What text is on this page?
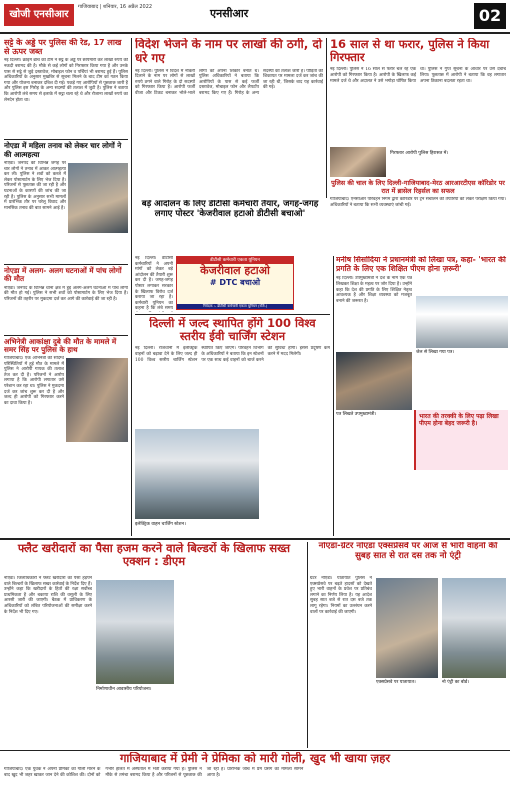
खोजी एनसीआर
गाजियाबाद | शनिवार, 16 अप्रैल 2022	एनसीआर	02
सट्टे के अड्डे पर पुलिस की रेड, 17 लाख से ऊपर जब्त
नई दिल्ली। क्राइम ब्रांच की टीम ने सट्टे के अड्डे पर छापेमारी कर लाखों रुपये की नकदी बरामद की है। मौके से कई लोगों को गिरफ्तार किया गया है और उनके पास से सट्टे से जुड़े दस्तावेज, मोबाइल फोन व पर्चियां भी बरामद हुई हैं। पुलिस अधिकारियों के अनुसार मुखबिर से सूचना मिलने के बाद टीम का गठन किया गया और योजना बनाकर दबिश दी गई। पकड़े गए आरोपियों से पूछताछ जारी है और पुलिस इस गिरोह के अन्य सदस्यों की तलाश में जुटी है। पुलिस ने बताया कि आरोपी लंबे समय से इलाके में सट्टा चला रहे थे और रोजाना लाखों रुपये का लेनदेन होता था।
नोएडा में महिला तनाव को लेकर चार लोगों ने की आत्महत्या
नोएडा। जनपद की विभिन्न जगह पर चार लोगों ने तनाव में आकर आत्महत्या कर ली। पुलिस ने शवों को कब्जे में लेकर पोस्टमार्टम के लिए भेज दिया है। परिजनों से पूछताछ की जा रही है और घटनाओं के कारणों की जांच की जा रही है। पुलिस के अनुसार सभी मामलों में प्रारंभिक तौर पर घरेलू विवाद और मानसिक तनाव की बात सामने आई है।
नोएडा में अलग- अलग घटनाओं में पांच लोगों की मौत
नोएडा। जनपद के विभिन्न थाना क्षेत्र में हुई अलग-अलग घटनाओं में पांच लोगों की मौत हो गई। पुलिस ने सभी शवों को पोस्टमार्टम के लिए भेज दिया है। परिजनों की तहरीर पर मुकदमा दर्ज कर आगे की कार्रवाई की जा रही है।
अभिनेत्री आकांक्षा दुबे की मौत के मामले में समर सिंह पर पुलिस के हाथ
गाजियाबाद। एक अभिनेत्री की संदिग्ध परिस्थितियों में हुई मौत के मामले में पुलिस ने आरोपी गायक की तलाश तेज कर दी है। परिजनों ने आरोप लगाया है कि आरोपी लगातार उसे परेशान कर रहा था। पुलिस ने मुकदमा दर्ज कर जांच शुरू कर दी है और जल्द ही आरोपी को गिरफ्तार करने का दावा किया है।
विदेश भेजने के नाम पर लाखों की ठगी, दो धरे गए
नई दिल्ली। पुलिस ने विदेश में नौकरी दिलाने के नाम पर लोगों से लाखों रुपये ठगने वाले गिरोह के दो सदस्यों को गिरफ्तार किया है। आरोपी फर्जी वीजा और टिकट बनाकर भोले-भाले लोगों को अपना शिकार बनाते थे। पुलिस अधिकारियों ने बताया कि आरोपियों के पास से कई फर्जी दस्तावेज, मोबाइल फोन और लैपटॉप बरामद किए गए हैं। गिरोह के अन्य सदस्यों की तलाश जारी है। पीड़ितों की शिकायत पर मामला दर्ज कर जांच की जा रही थी, जिसके बाद यह कार्रवाई की गई।
16 साल से था फरार, पुलिस ने किया गिरफ्तार
नई दिल्ली। पुलिस ने 16 साल से फरार चल रहे एक आरोपी को गिरफ्तार किया है। आरोपी के खिलाफ कई मामले दर्ज थे और अदालत ने उसे भगोड़ा घोषित किया था। पुलिस ने गुप्त सूचना के आधार पर उसे दबोच लिया। पूछताछ में आरोपी ने बताया कि वह लगातार अपना ठिकाना बदलता रहता था।
गिरफ्तार आरोपी पुलिस हिरासत में।
पुलिस की चाल के लिए दिल्ली-गाजियाबाद-मेरठ आरआरटीएस कॉरिडोर पर रात में ब्रासेल रिहर्सल का सफल
गाजियाबाद। एनसीआर परिवहन निगम द्वारा कॉरिडोर पर ट्रेन संचालन की तैयारियों को लेकर परीक्षण किया गया। अधिकारियों ने बताया कि सभी व्यवस्थाएं जांची गईं।
बड़े आंदोलन के लिए डीटीसी कर्मचारी तैयार, जगह-जगह लगाए पोस्टर 'केजरीवाल हटाओ डीटीसी बचाओ'
नई दिल्ली। डीटीसी कर्मचारियों ने अपनी मांगों को लेकर बड़े आंदोलन की तैयारी शुरू कर दी है। जगह-जगह पोस्टर लगाकर सरकार के खिलाफ विरोध दर्ज कराया जा रहा है। कर्मचारी यूनियन का कहना है कि लंबे समय
डीटीसी कर्मचारी एकता यूनियन
केजरीवाल हटाओ
# DTC बचाओ
निवेदक :- डीटीसी कर्मचारी एकता यूनियन (रजि.)
दिल्ली में जल्द स्थापित होंगे 100 विश्व स्तरीय ईवी चार्जिंग स्टेशन
नई दिल्ली। राजधानी में इलेक्ट्रिक वाहनों को बढ़ावा देने के लिए जल्द ही 100 विश्व स्तरीय चार्जिंग स्टेशन स्थापित किए जाएंगे। परिवहन विभाग के अधिकारियों ने बताया कि इन स्टेशनों पर एक साथ कई वाहनों को चार्ज करने की सुविधा होगी। इससे प्रदूषण कम करने में मदद मिलेगी।
इलेक्ट्रिक वाहन चार्जिंग स्टेशन।
मनीष सिसोदिया ने प्रधानमंत्री को लिखा पत्र, कहा- 'भारत की प्रगति के लिए एक शिक्षित पीएम होना ज़रूरी'
नई दिल्ली। उपमुख्यमंत्री ने देश के नाम एक पत्र लिखकर शिक्षा के महत्व पर जोर दिया है। उन्होंने कहा कि देश की प्रगति के लिए शिक्षित नेतृत्व आवश्यक है और शिक्षा व्यवस्था को मजबूत बनाने की जरूरत है।
पत्र लिखते उपमुख्यमंत्री।
जेल से लिखा गया पत्र।
भारत की तरक्की के लिए पढ़ा लिखा पीएम होना बेहद जरूरी है।
फ्लैट खरीदारों का पैसा हजम करने वाले बिल्डरों के खिलाफ सख्त एक्शन : डीएम
नोएडा। जिलाधिकारी ने फ्लैट खरीदारों का पैसा हड़पने वाले बिल्डरों के खिलाफ सख्त कार्रवाई के निर्देश दिए हैं। उन्होंने कहा कि खरीदारों के हितों की रक्षा सर्वोच्च प्राथमिकता है और बकाया राशि की वसूली के लिए आरसी जारी की जाएगी। बैठक में प्राधिकरण के अधिकारियों को लंबित परियोजनाओं की समीक्षा करने के निर्देश भी दिए गए।
निर्माणाधीन आवासीय परियोजना।
नोएडा-ग्रेटर नोएडा एक्सप्रेसवे पर आज से भारी वाहनों की सुबह सात से रात दस तक नो एंट्री
ग्रेटर नोएडा। यातायात पुलिस ने एक्सप्रेसवे पर बढ़ते हादसों को देखते हुए भारी वाहनों के प्रवेश पर प्रतिबंध लगाने का निर्णय लिया है। यह आदेश सुबह सात बजे से रात दस बजे तक लागू रहेगा। नियमों का उल्लंघन करने वालों पर कार्रवाई की जाएगी।
एक्सप्रेसवे पर यातायात।	नो एंट्री का बोर्ड।
गाजियाबाद में प्रेमी ने प्रेमिका को मारी गोली, खुद भी खाया ज़हर
गाजियाबाद। एक युवक ने अपनी प्रेमिका को गोली मारने के बाद खुद भी जहर खाकर जान देने की कोशिश की। दोनों को गंभीर हालत में अस्पताल में भर्ती कराया गया है। पुलिस ने मौके से तमंचा बरामद किया है और परिजनों से पूछताछ की जा रही है। प्रारंभिक जांच में प्रेम प्रसंग का मामला सामने आया है।
